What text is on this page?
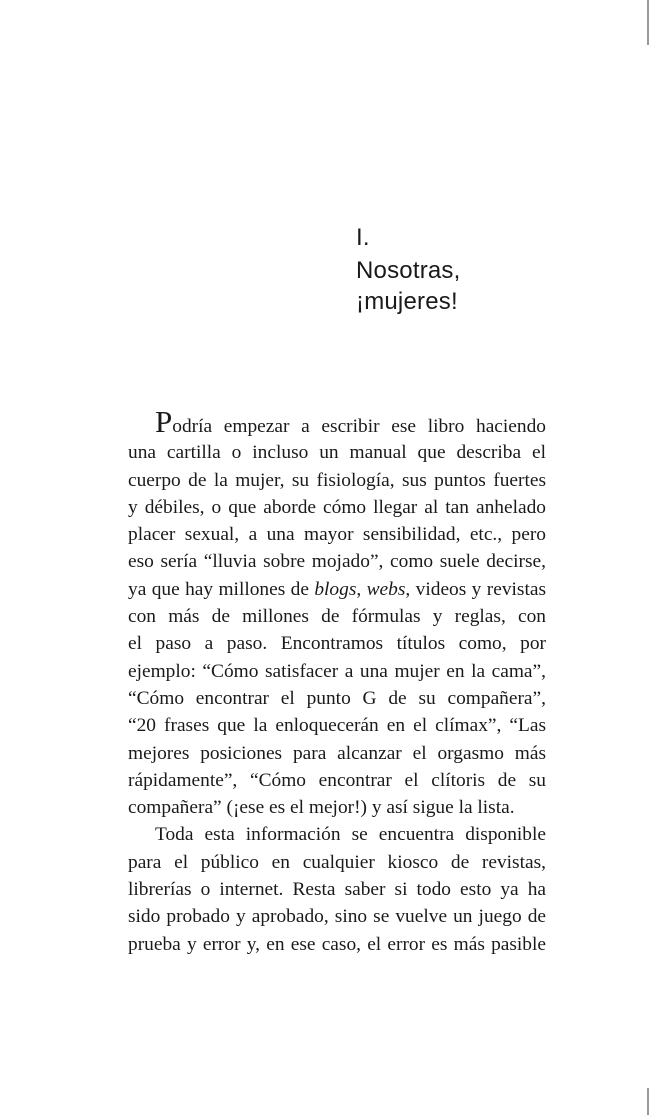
I.
Nosotras,
¡mujeres!
Podría empezar a escribir ese libro haciendo
una cartilla o incluso un manual que describa el
cuerpo de la mujer, su fisiología, sus puntos fuertes
y débiles, o que aborde cómo llegar al tan anhelado
placer sexual, a una mayor sensibilidad, etc., pero
eso sería “lluvia sobre mojado”, como suele decirse,
ya que hay millones de blogs, webs, videos y revistas
con más de millones de fórmulas y reglas, con
el paso a paso. Encontramos títulos como, por
ejemplo: “Cómo satisfacer a una mujer en la cama”,
“Cómo encontrar el punto G de su compañera”,
“20 frases que la enloquecerán en el clímax”, “Las
mejores posiciones para alcanzar el orgasmo más
rápidamente”, “Cómo encontrar el clítoris de su
compañera” (¡ese es el mejor!) y así sigue la lista.
Toda esta información se encuentra disponible
para el público en cualquier kiosco de revistas,
librerías o internet. Resta saber si todo esto ya ha
sido probado y aprobado, sino se vuelve un juego de
prueba y error y, en ese caso, el error es más pasible
